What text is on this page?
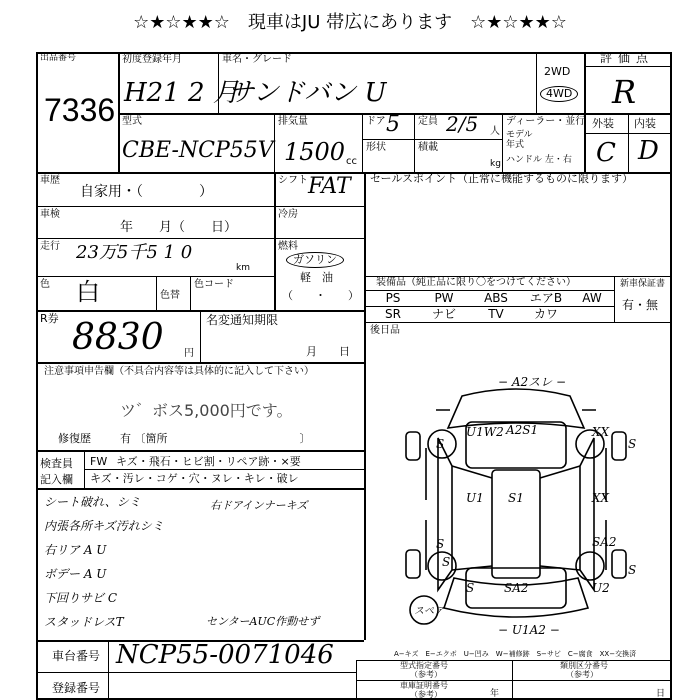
☆★☆★★☆　現車はJU 帯広にあります　☆★☆★★☆
出品番号
7336
初度登録年月
H21 2 月
車名・グレード
サンドバン U
2WD
4WD
評価点
R
型式
CBE-NCP55V
排気量
1500 cc
ドア 5
形状
定員 2/5 人
積載
kg
ディーラー・並行
モデル
年式
ハンドル 左・右
外装 内装
C D
車歴
自家用・（　　　　）
車検
年　　月（　　日）
走行 23万5千5 1 0
km
色 白	色替
色コード
シフト FAT
冷房
燃料
ガソリン
軽　油
（　　・　　）
セールスポイント（正常に機能するものに限ります）
装備品（純正品に限り〇をつけてください）	新車保証書
有・無
PS	PW	ABS	エアB	AW
SR	ナビ	TV	カワ
R券 8830 円
名変通知期限
月　　日
後日品
注意事項申告欄（不具合内容等は具体的に記入して下さい）
ツ゛ボス5,000円です。
修復歴	有 〔箇所　　　　　　　　　　　　〕
検査員
記入欄
FW キズ・飛石・ヒビ割・リペア跡・×要
キズ・汚レ・コゲ・穴・ヌレ・キレ・破レ
シート破れ、シミ
内張各所キズ汚れシミ
右リア A U
ボデー A U
下回りサビ C
スタッドレスT
右ドアインナーキズ
センターAUC作動せず
− A2スレ −
U1W2 A2S1	XX
S	S
U1 S1	XX
S	SA2
S
S SA2	U2
S
− U1A2 −
スペア
A−キズ　E−エクボ　U−凹み　W−補修跡　S−サビ　C−腐食　XX−交換済
車台番号 NCP55-0071046
登録番号
型式指定番号
（参考）
類別区分番号
（参考）
車庫証明番号
（参考）	年	日
